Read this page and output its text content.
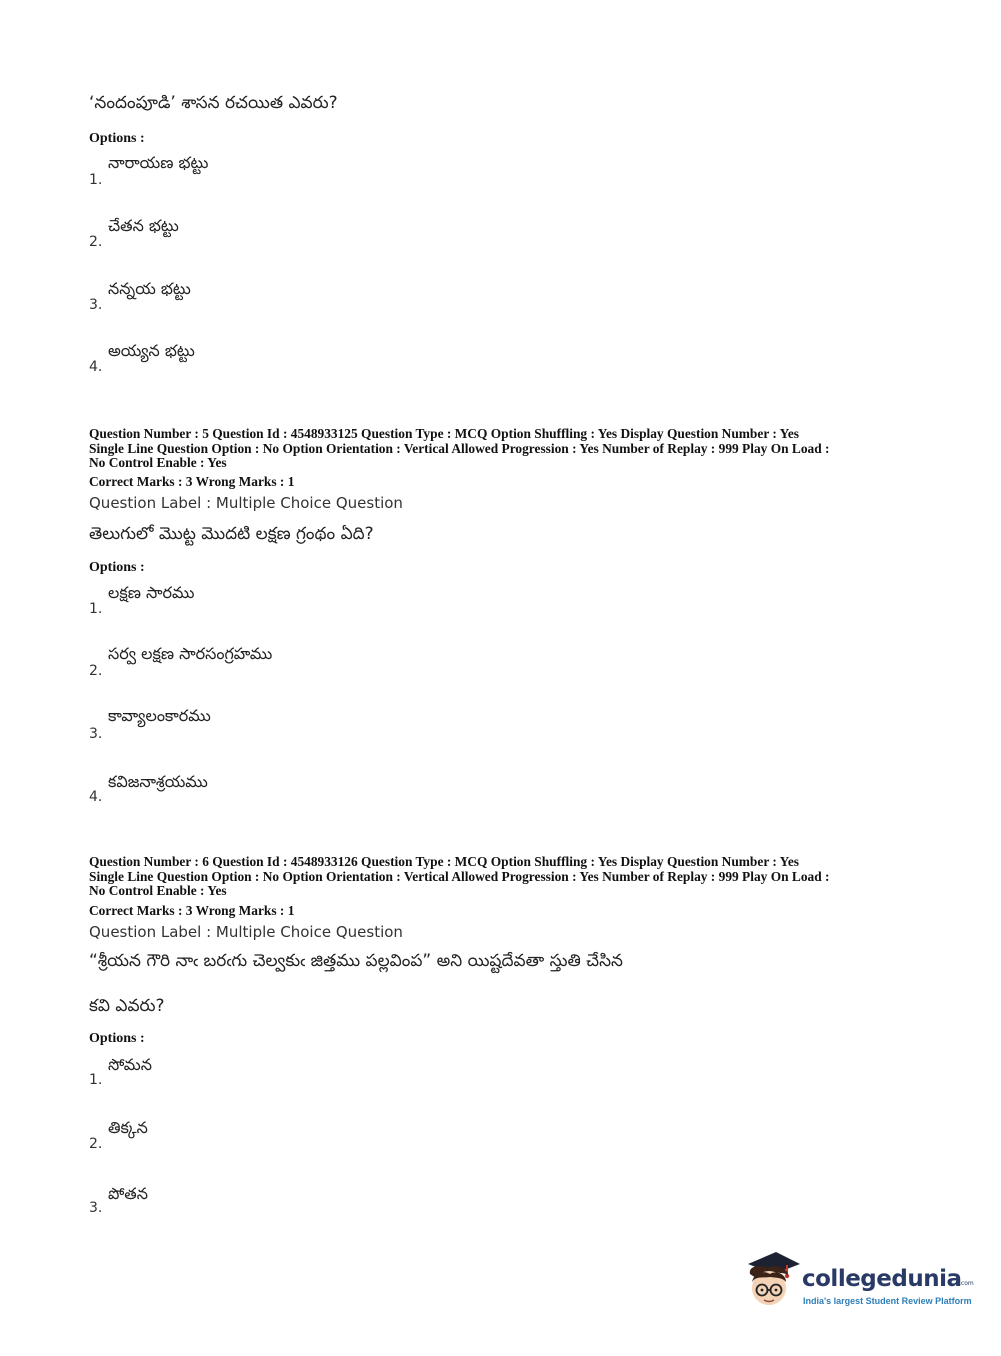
‘నందంపూడి’ శాసన రచయిత ఎవరు?
Options :
1.
నారాయణ భట్టు
2.
చేతన భట్టు
3.
నన్నయ భట్టు
4.
అయ్యన భట్టు
Question Number : 5 Question Id : 4548933125 Question Type : MCQ Option Shuffling : Yes Display Question Number : Yes
Single Line Question Option : No Option Orientation : Vertical Allowed Progression : Yes Number of Replay : 999 Play On Load :
No Control Enable : Yes
Correct Marks : 3 Wrong Marks : 1
Question Label : Multiple Choice Question
తెలుగులో మొట్ట మొదటి లక్షణ గ్రంథం ఏది?
Options :
1.
లక్షణ సారము
2.
సర్వ లక్షణ సారసంగ్రహము
3.
కావ్యాలంకారము
4.
కవిజనాశ్రయము
Question Number : 6 Question Id : 4548933126 Question Type : MCQ Option Shuffling : Yes Display Question Number : Yes
Single Line Question Option : No Option Orientation : Vertical Allowed Progression : Yes Number of Replay : 999 Play On Load :
No Control Enable : Yes
Correct Marks : 3 Wrong Marks : 1
Question Label : Multiple Choice Question
“శ్రీయన గౌరి నాఁ బరఁగు చెల్వకుఁ జిత్తము పల్లవింప” అని యిష్టదేవతా స్తుతి చేసిన
కవి ఎవరు?
Options :
1.
సోమన
2.
తిక్కన
3.
పోతన
collegedunia
.com
India's largest Student Review Platform
